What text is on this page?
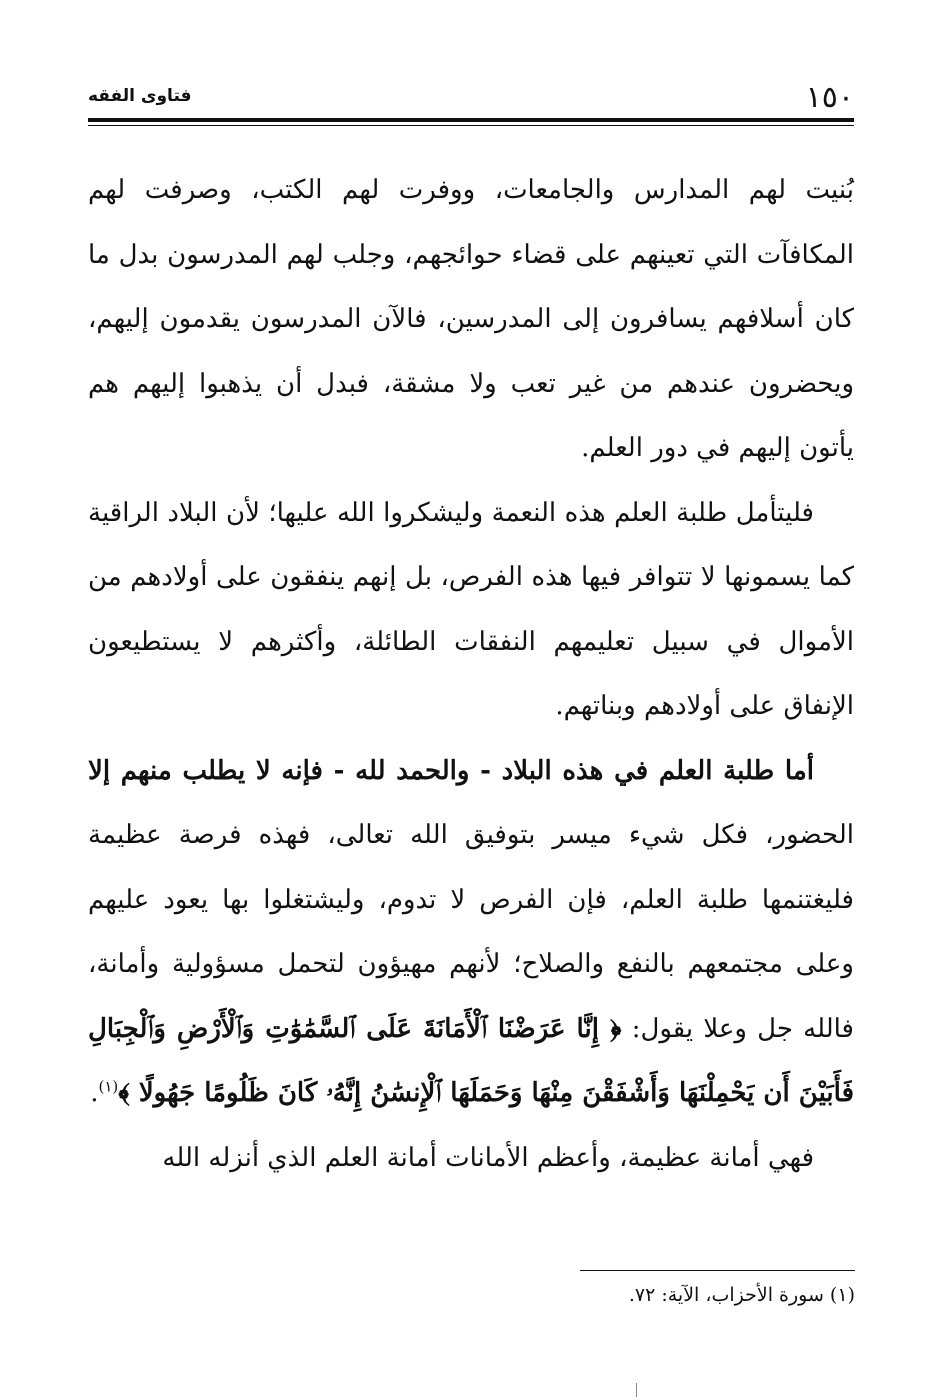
١٥٠
فتاوى الفقه

بُنيت لهم المدارس والجامعات، ووفرت لهم الكتب، وصرفت لهم المكافآت التي تعينهم على قضاء حوائجهم، وجلب لهم المدرسون بدل ما كان أسلافهم يسافرون إلى المدرسين، فالآن المدرسون يقدمون إليهم، ويحضرون عندهم من غير تعب ولا مشقة، فبدل أن يذهبوا إليهم هم يأتون إليهم في دور العلم.

فليتأمل طلبة العلم هذه النعمة وليشكروا الله عليها؛ لأن البلاد الراقية كما يسمونها لا تتوافر فيها هذه الفرص، بل إنهم ينفقون على أولادهم من الأموال في سبيل تعليمهم النفقات الطائلة، وأكثرهم لا يستطيعون الإنفاق على أولادهم وبناتهم.

أما طلبة العلم في هذه البلاد - والحمد لله - فإنه لا يطلب منهم إلا الحضور، فكل شيء ميسر بتوفيق الله تعالى، فهذه فرصة عظيمة فليغتنمها طلبة العلم، فإن الفرص لا تدوم، وليشتغلوا بها يعود عليهم وعلى مجتمعهم بالنفع والصلاح؛ لأنهم مهيؤون لتحمل مسؤولية وأمانة، فالله جل وعلا يقول: ﴿ إِنَّا عَرَضْنَا ٱلْأَمَانَةَ عَلَى ٱلسَّمَٰوَٰتِ وَٱلْأَرْضِ وَٱلْجِبَالِ فَأَبَيْنَ أَن يَحْمِلْنَهَا وَأَشْفَقْنَ مِنْهَا وَحَمَلَهَا ٱلْإِنسَٰنُ إِنَّهُۥ كَانَ ظَلُومًا جَهُولًا ﴾$^{(١)}$.

فهي أمانة عظيمة، وأعظم الأمانات أمانة العلم الذي أنزله الله

(١) سورة الأحزاب، الآية: ٧٢.
